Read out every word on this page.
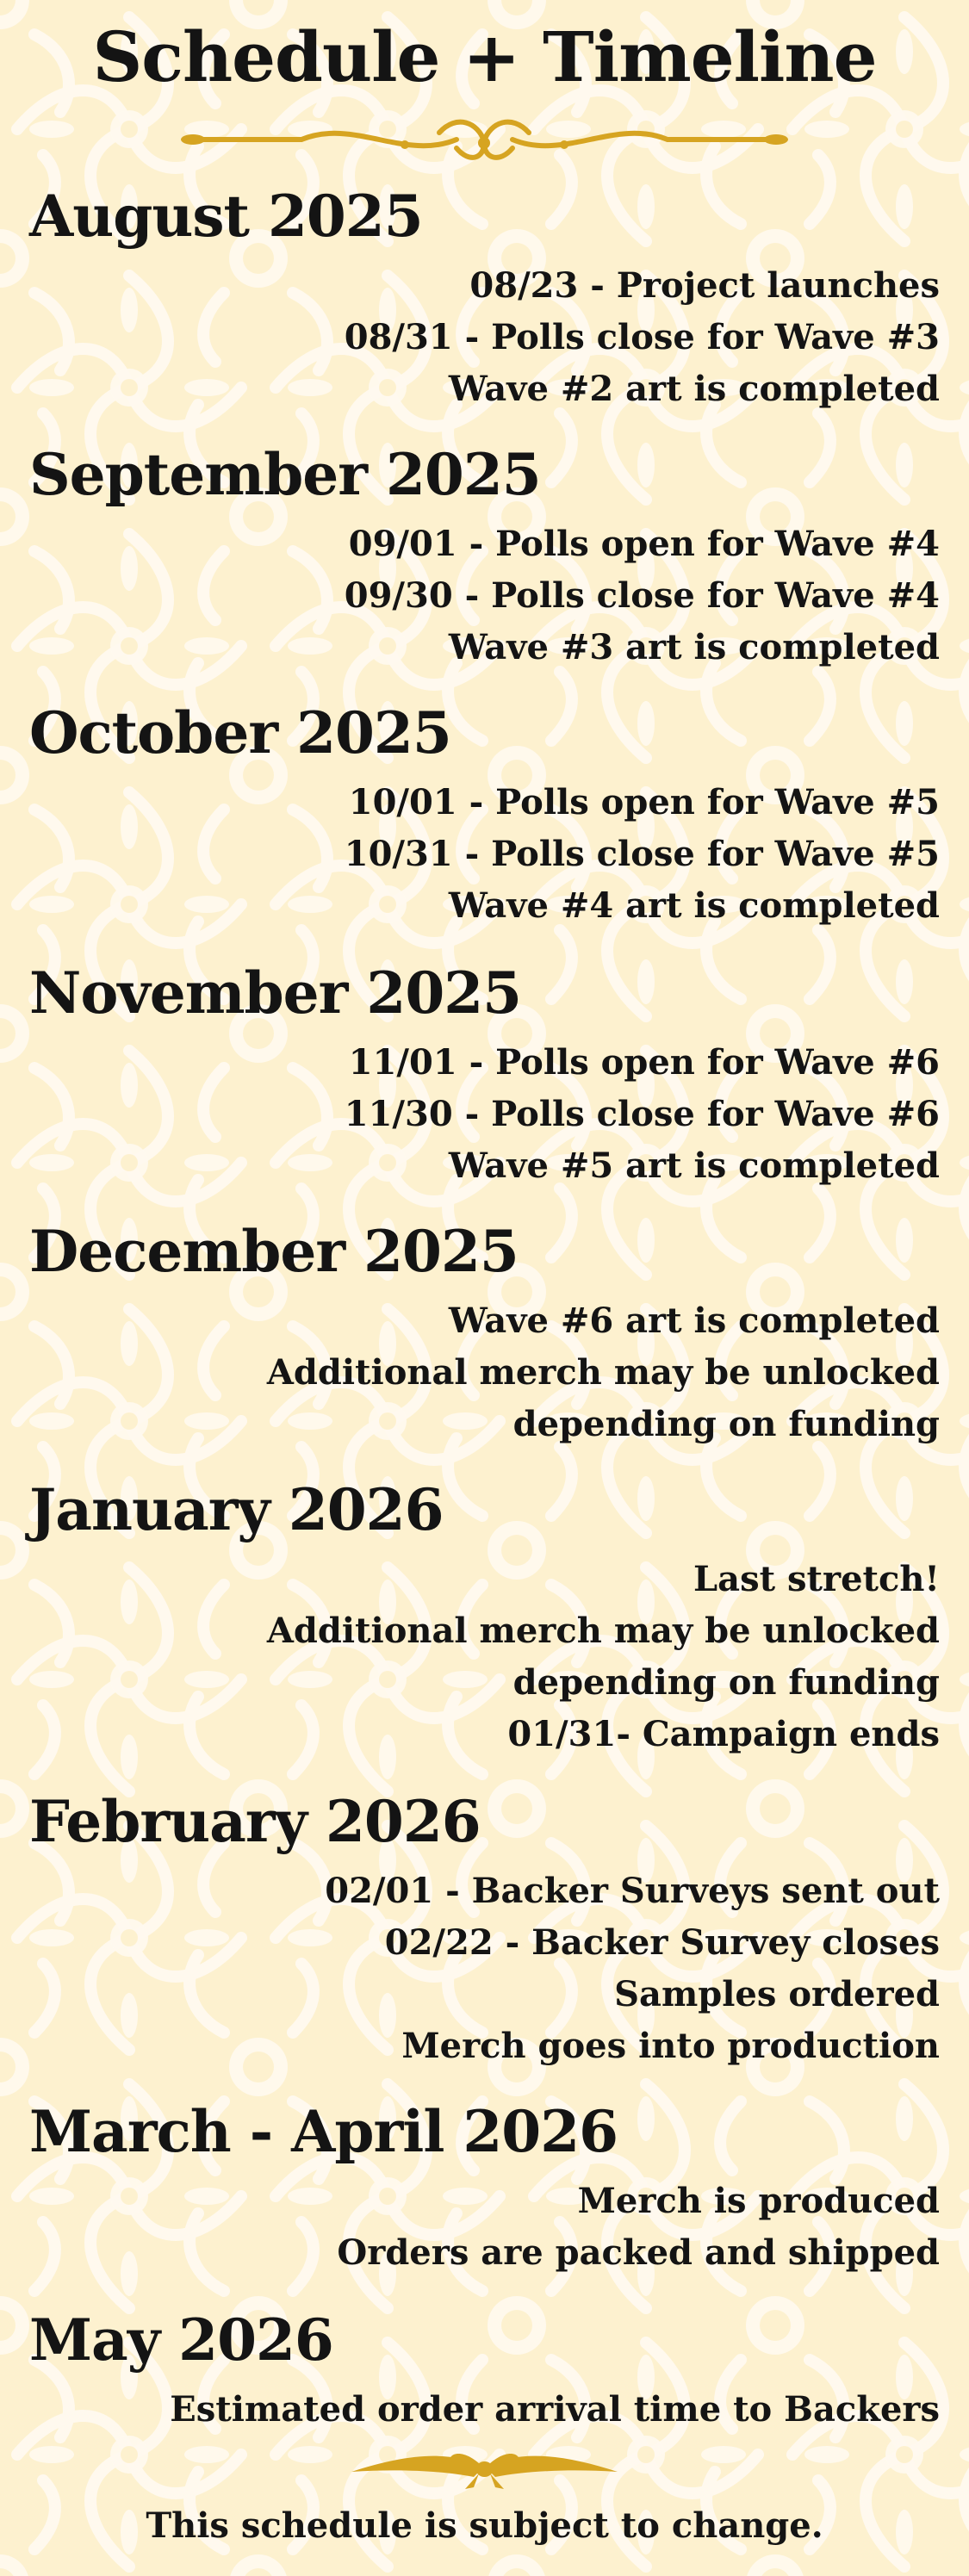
Schedule + Timeline
August 2025
08/23 - Project launches
08/31 - Polls close for Wave #3
Wave #2 art is completed
September 2025
09/01 - Polls open for Wave #4
09/30 - Polls close for Wave #4
Wave #3 art is completed
October 2025
10/01 - Polls open for Wave #5
10/31 - Polls close for Wave #5
Wave #4 art is completed
November 2025
11/01 - Polls open for Wave #6
11/30 - Polls close for Wave #6
Wave #5 art is completed
December 2025
Wave #6 art is completed
Additional merch may be unlocked
depending on funding
January 2026
Last stretch!
Additional merch may be unlocked
depending on funding
01/31- Campaign ends
February 2026
02/01 - Backer Surveys sent out
02/22 - Backer Survey closes
Samples ordered
Merch goes into production
March - April 2026
Merch is produced
Orders are packed and shipped
May 2026
Estimated order arrival time to Backers

This schedule is subject to change.
